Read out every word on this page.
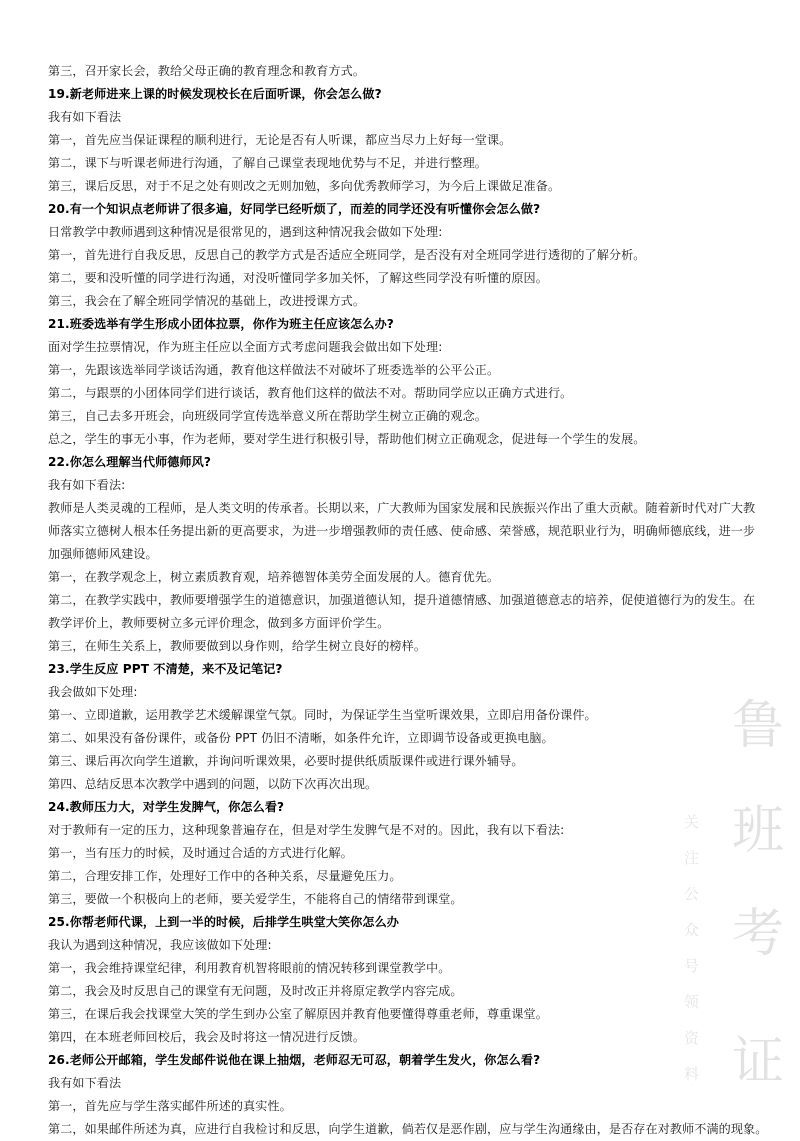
第三，召开家长会，教给父母正确的教育理念和教育方式。
19.新老师进来上课的时候发现校长在后面听课，你会怎么做?
我有如下看法
第一，首先应当保证课程的顺利进行，无论是否有人听课，都应当尽力上好每一堂课。
第二，课下与听课老师进行沟通，了解自己课堂表现地优势与不足，并进行整理。
第三，课后反思，对于不足之处有则改之无则加勉，多向优秀教师学习，为今后上课做足准备。
20.有一个知识点老师讲了很多遍，好同学已经听烦了，而差的同学还没有听懂你会怎么做?
日常教学中教师遇到这种情况是很常见的，遇到这种情况我会做如下处理:
第一，首先进行自我反思，反思自己的教学方式是否适应全班同学，是否没有对全班同学进行透彻的了解分析。
第二，要和没听懂的同学进行沟通，对没听懂同学多加关怀，了解这些同学没有听懂的原因。
第三，我会在了解全班同学情况的基础上，改进授课方式。
21.班委选举有学生形成小团体拉票，你作为班主任应该怎么办?
面对学生拉票情况，作为班主任应以全面方式考虑问题我会做出如下处理:
第一，先跟该选举同学谈话沟通，教育他这样做法不对破坏了班委选举的公平公正。
第二，与跟票的小团体同学们进行谈话，教育他们这样的做法不对。帮助同学应以正确方式进行。
第三，自己去多开班会，向班级同学宣传选举意义所在帮助学生树立正确的观念。
总之，学生的事无小事，作为老师，要对学生进行积极引导，帮助他们树立正确观念，促进每一个学生的发展。
22.你怎么理解当代师德师风?
我有如下看法:
教师是人类灵魂的工程师，是人类文明的传承者。长期以来，广大教师为国家发展和民族振兴作出了重大贡献。随着新时代对广大教
师落实立德树人根本任务提出新的更高要求，为进一步增强教师的责任感、使命感、荣誉感，规范职业行为，明确师德底线，进一步
加强师德师风建设。
第一，在教学观念上，树立素质教育观，培养德智体美劳全面发展的人。德育优先。
第二，在教学实践中，教师要增强学生的道德意识，加强道德认知，提升道德情感、加强道德意志的培养，促使道德行为的发生。在
教学评价上，教师要树立多元评价理念，做到多方面评价学生。
第三，在师生关系上，教师要做到以身作则，给学生树立良好的榜样。
23.学生反应 PPT 不清楚，来不及记笔记?
我会做如下处理:
第一、立即道歉，运用教学艺术缓解课堂气氛。同时，为保证学生当堂听课效果，立即启用备份课件。
第二、如果没有备份课件，或备份 PPT 仍旧不清晰，如条件允许，立即调节设备或更换电脑。
第三、课后再次向学生道歉，并询问听课效果，必要时提供纸质版课件或进行课外辅导。
第四、总结反思本次教学中遇到的问题，以防下次再次出现。
24.教师压力大，对学生发脾气，你怎么看?
对于教师有一定的压力，这种现象普遍存在，但是对学生发脾气是不对的。因此，我有以下看法:
第一，当有压力的时候，及时通过合适的方式进行化解。
第二，合理安排工作，处理好工作中的各种关系，尽量避免压力。
第三，要做一个积极向上的老师，要关爱学生，不能将自己的情绪带到课堂。
25.你帮老师代课，上到一半的时候，后排学生哄堂大笑你怎么办
我认为遇到这种情况，我应该做如下处理:
第一，我会维持课堂纪律，利用教育机智将眼前的情况转移到课堂教学中。
第二，我会及时反思自己的课堂有无问题，及时改正并将原定教学内容完成。
第三，在课后我会找课堂大笑的学生到办公室了解原因并教育他要懂得尊重老师，尊重课堂。
第四，在本班老师回校后，我会及时将这一情况进行反馈。
26.老师公开邮箱，学生发邮件说他在课上抽烟，老师忍无可忍，朝着学生发火，你怎么看?
我有如下看法
第一，首先应与学生落实邮件所述的真实性。
第二，如果邮件所述为真，应进行自我检讨和反思，向学生道歉，倘若仅是恶作剧，应与学生沟通缘由，是否存在对教师不满的现象。
鲁
班
考
证
关
注
公
众
号
领
资
料
